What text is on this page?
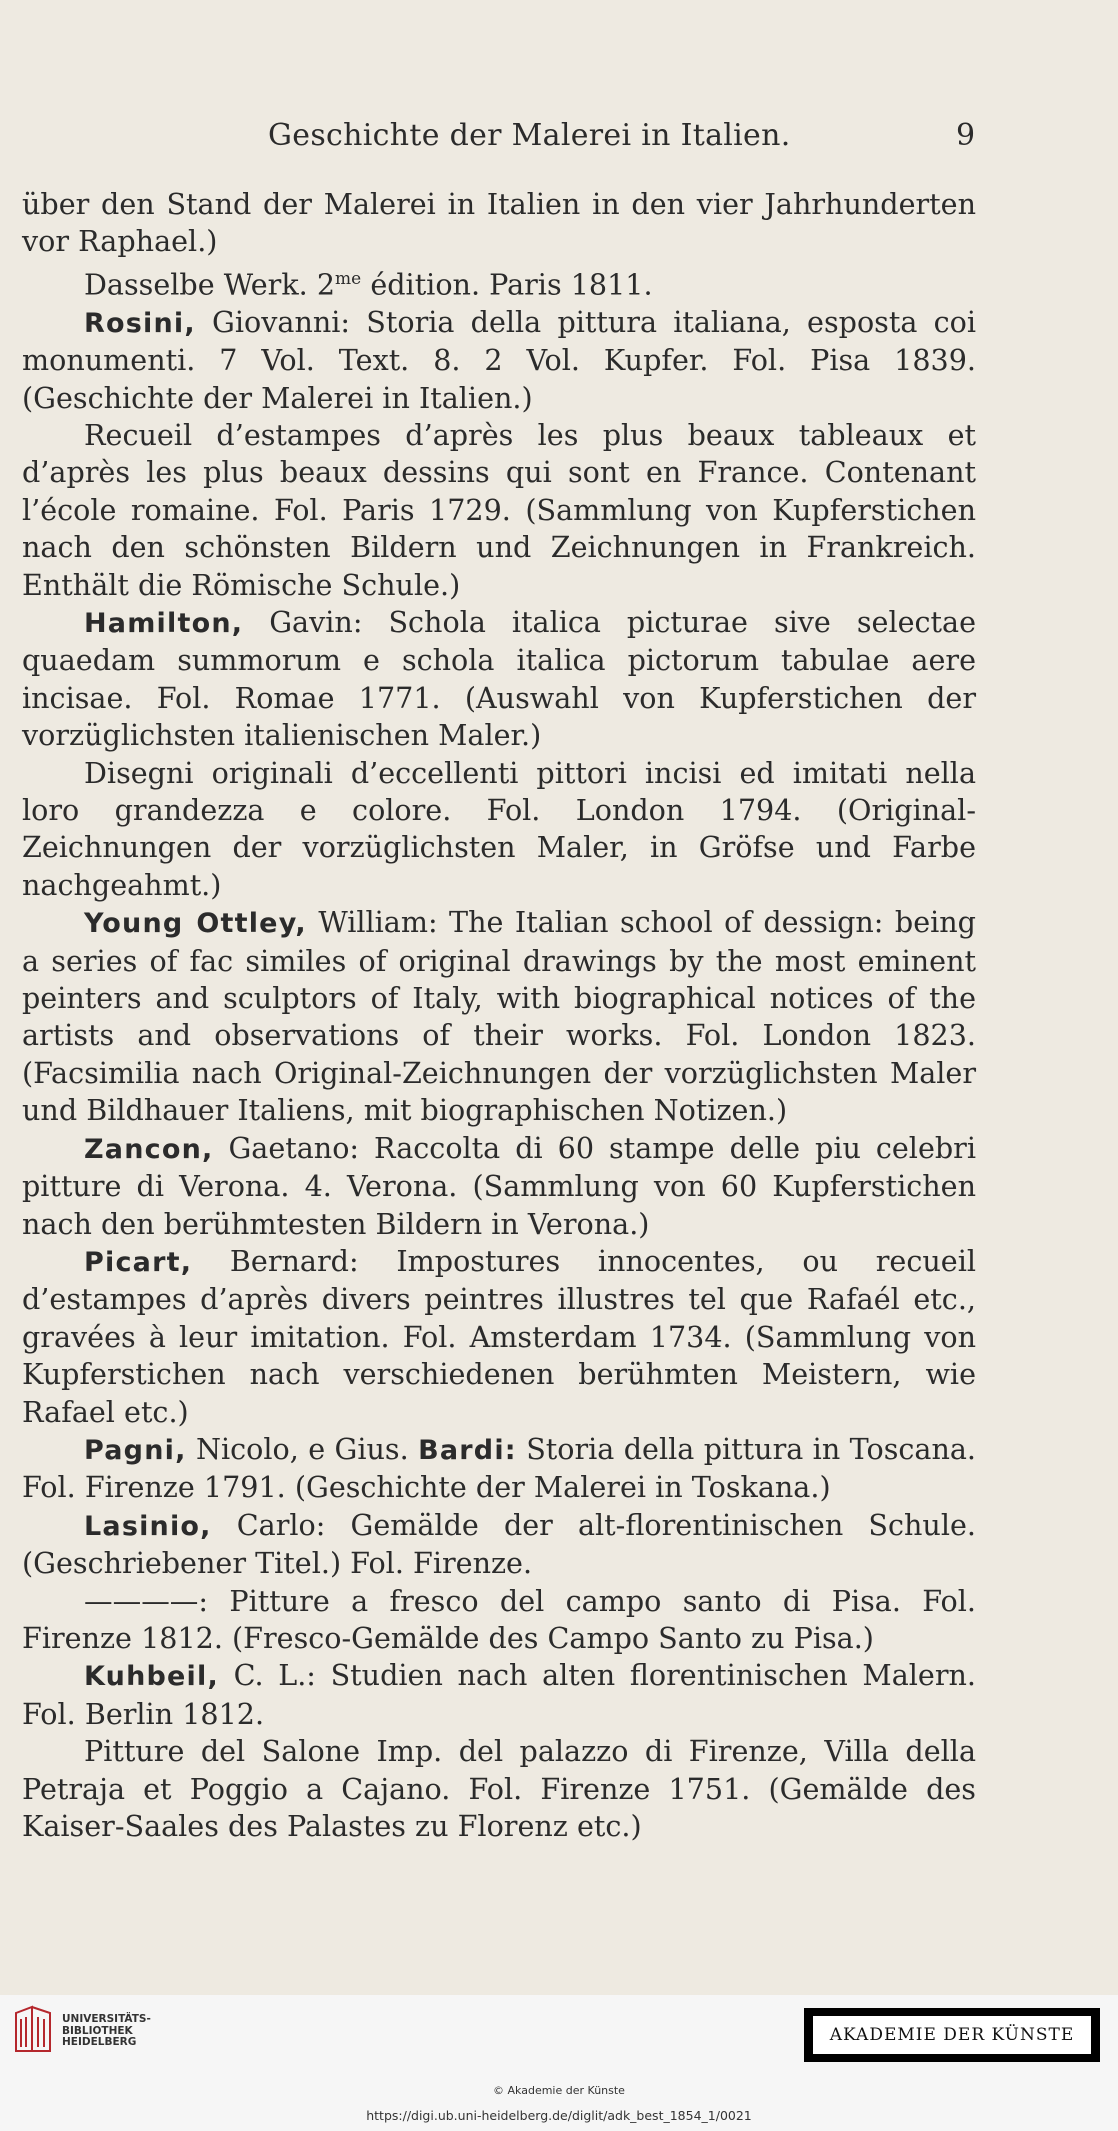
Geschichte der Malerei in Italien.	9

über den Stand der Malerei in Italien in den vier Jahrhunderten vor Raphael.)

Dasselbe Werk. $2^{me}$ édition. Paris 1811.

Rosini, Giovanni: Storia della pittura italiana, esposta coi monumenti. 7 Vol. Text. 8. 2 Vol. Kupfer. Fol. Pisa 1839. (Geschichte der Malerei in Italien.)

Recueil d’estampes d’après les plus beaux tableaux et d’après les plus beaux dessins qui sont en France. Contenant l’école romaine. Fol. Paris 1729. (Sammlung von Kupferstichen nach den schönsten Bildern und Zeichnungen in Frankreich. Enthält die Römische Schule.)

Hamilton, Gavin: Schola italica picturae sive selectae quaedam summorum e schola italica pictorum tabulae aere incisae. Fol. Romae 1771. (Auswahl von Kupferstichen der vorzüglichsten italienischen Maler.)

Disegni originali d’eccellenti pittori incisi ed imitati nella loro grandezza e colore. Fol. London 1794. (Original-Zeichnungen der vorzüglichsten Maler, in Gröfse und Farbe nachgeahmt.)

Young Ottley, William: The Italian school of dessign: being a series of fac similes of original drawings by the most eminent peinters and sculptors of Italy, with biographical notices of the artists and observations of their works. Fol. London 1823. (Facsimilia nach Original-Zeichnungen der vorzüglichsten Maler und Bildhauer Italiens, mit biographischen Notizen.)

Zancon, Gaetano: Raccolta di 60 stampe delle piu celebri pitture di Verona. 4. Verona. (Sammlung von 60 Kupferstichen nach den berühmtesten Bildern in Verona.)

Picart, Bernard: Impostures innocentes, ou recueil d’estampes d’après divers peintres illustres tel que Rafaél etc., gravées à leur imitation. Fol. Amsterdam 1734. (Sammlung von Kupferstichen nach verschiedenen berühmten Meistern, wie Rafael etc.)

Pagni, Nicolo, e Gius. Bardi: Storia della pittura in Toscana. Fol. Firenze 1791. (Geschichte der Malerei in Toskana.)

Lasinio, Carlo: Gemälde der alt-florentinischen Schule. (Geschriebener Titel.) Fol. Firenze.

————: Pitture a fresco del campo santo di Pisa. Fol. Firenze 1812. (Fresco-Gemälde des Campo Santo zu Pisa.)

Kuhbeil, C. L.: Studien nach alten florentinischen Malern. Fol. Berlin 1812.

Pitture del Salone Imp. del palazzo di Firenze, Villa della Petraja et Poggio a Cajano. Fol. Firenze 1751. (Gemälde des Kaiser-Saales des Palastes zu Florenz etc.)

UNIVERSITÄTS-
BIBLIOTHEK
HEIDELBERG	AKADEMIE DER KÜNSTE
© Akademie der Künste
https://digi.ub.uni-heidelberg.de/diglit/adk_best_1854_1/0021
